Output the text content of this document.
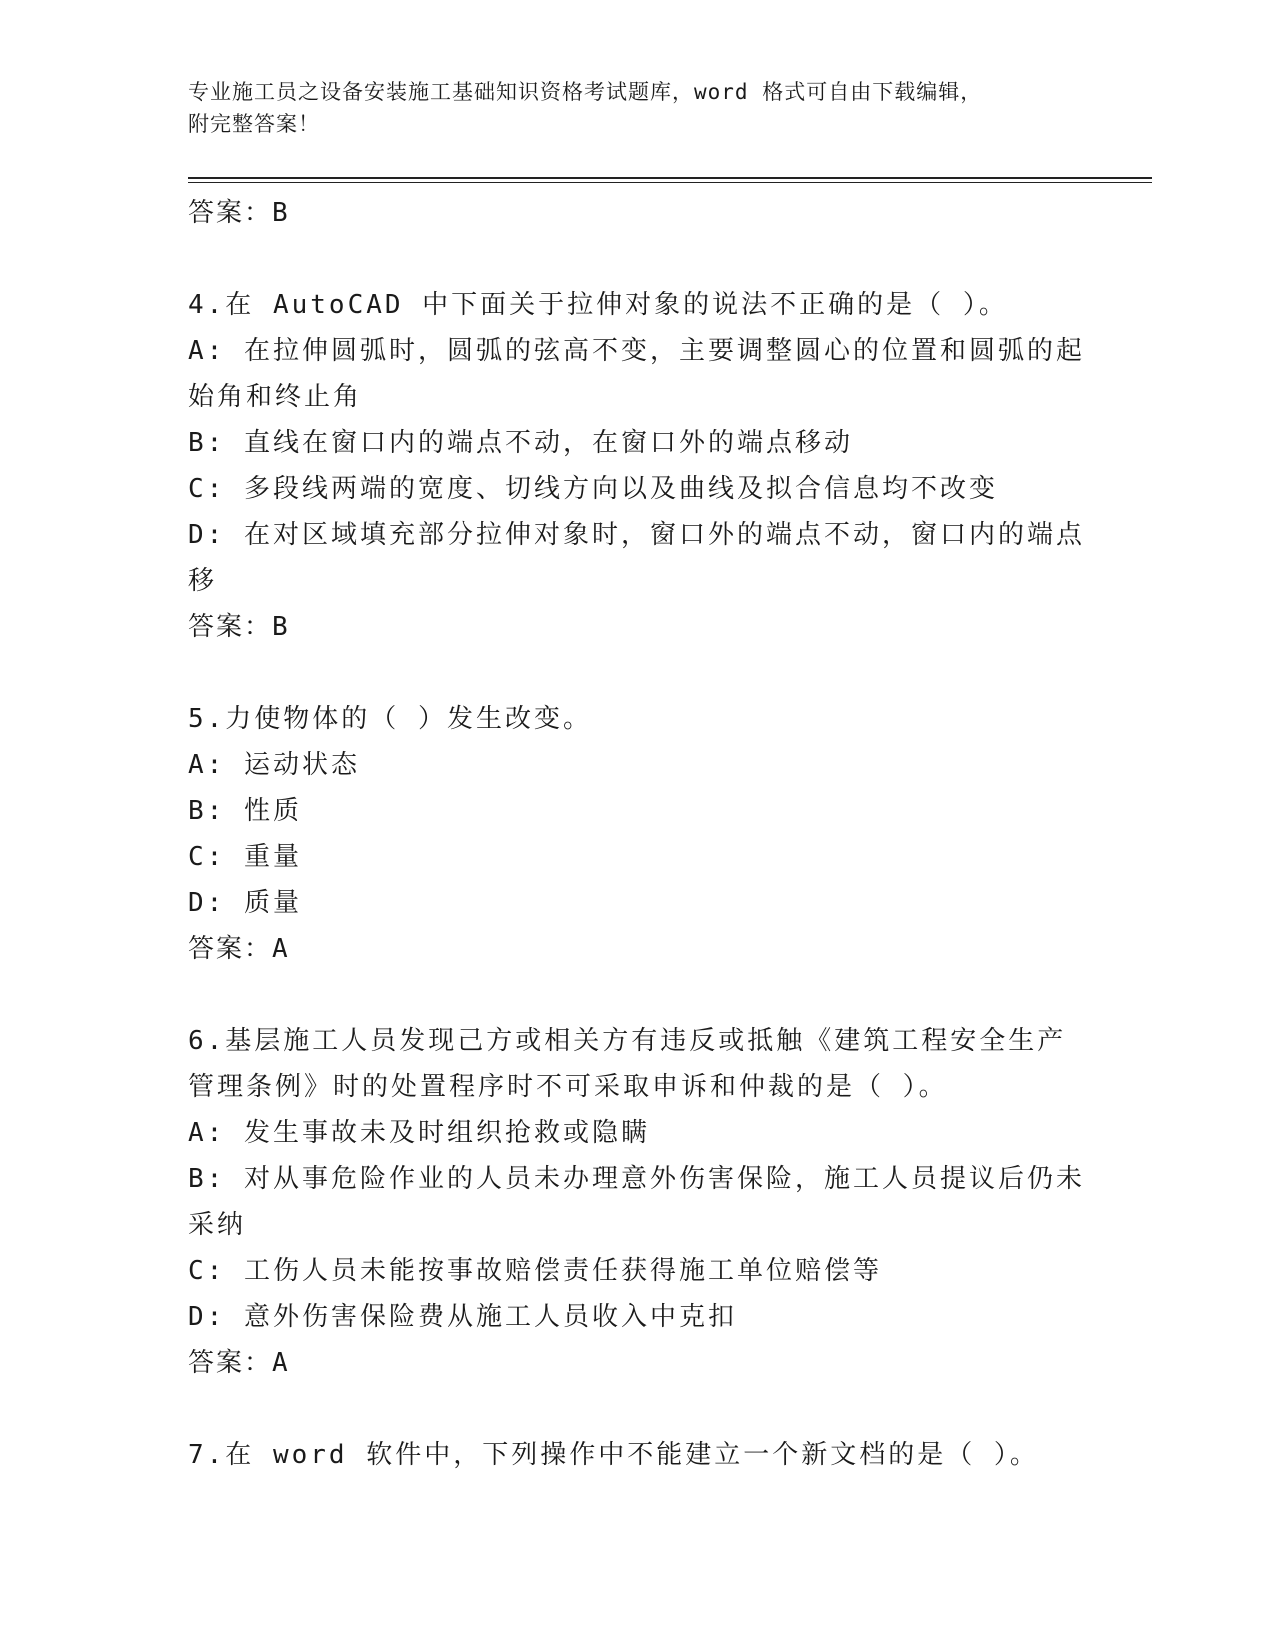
专业施工员之设备安装施工基础知识资格考试题库，word 格式可自由下载编辑，
附完整答案！
答案：B
4.在 AutoCAD 中下面关于拉伸对象的说法不正确的是（ ）。
A: 在拉伸圆弧时，圆弧的弦高不变，主要调整圆心的位置和圆弧的起始角和终止角
B: 直线在窗口内的端点不动，在窗口外的端点移动
C: 多段线两端的宽度、切线方向以及曲线及拟合信息均不改变
D: 在对区域填充部分拉伸对象时，窗口外的端点不动，窗口内的端点移
答案：B
5.力使物体的（ ）发生改变。
A: 运动状态
B: 性质
C: 重量
D: 质量
答案：A
6.基层施工人员发现己方或相关方有违反或抵触《建筑工程安全生产管理条例》时的处置程序时不可采取申诉和仲裁的是（ ）。
A: 发生事故未及时组织抢救或隐瞒
B: 对从事危险作业的人员未办理意外伤害保险，施工人员提议后仍未采纳
C: 工伤人员未能按事故赔偿责任获得施工单位赔偿等
D: 意外伤害保险费从施工人员收入中克扣
答案：A
7.在 word 软件中，下列操作中不能建立一个新文档的是（ ）。
